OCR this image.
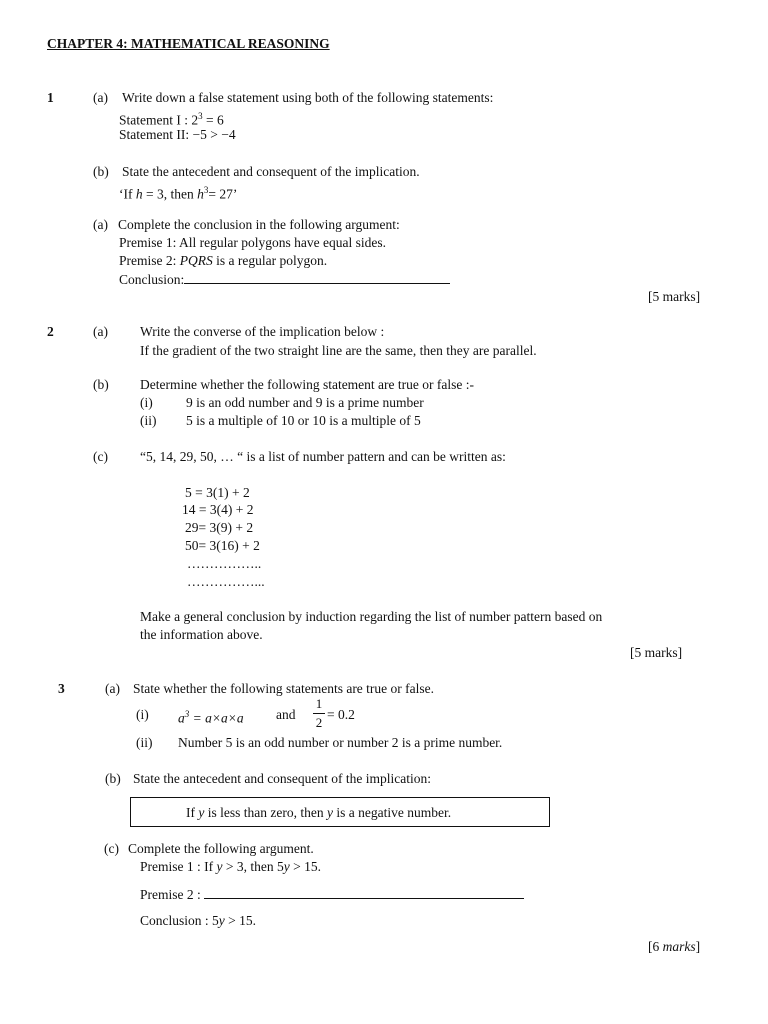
CHAPTER 4: MATHEMATICAL REASONING
1	(a) Write down a false statement using both of the following statements:
Statement I : $2^3 = 6$
Statement II: −5 > −4
(b) State the antecedent and consequent of the implication.
‘If h = 3, then $h^3= 27$’
(a) Complete the conclusion in the following argument:
Premise 1: All regular polygons have equal sides.
Premise 2: PQRS is a regular polygon.
Conclusion:
[5 marks]
2	(a) Write the converse of the implication below :
If the gradient of the two straight line are the same, then they are parallel.
(b) Determine whether the following statement are true or false :-
(i) 9 is an odd number and 9 is a prime number
(ii) 5 is a multiple of 10 or 10 is a multiple of 5
(c) “5, 14, 29, 50, … “ is a list of number pattern and can be written as:
5 = 3(1) + 2
14 = 3(4) + 2
29= 3(9) + 2
50= 3(16) + 2
……………..
……………...
Make a general conclusion by induction regarding the list of number pattern based on
the information above.
[5 marks]
3	(a) State whether the following statements are true or false.
(i) $a^3 = a\times a\times a$ and
1
2
= 0.2
(ii) Number 5 is an odd number or number 2 is a prime number.
(b) State the antecedent and consequent of the implication:
If y is less than zero, then y is a negative number.
(c) Complete the following argument.
Premise 1 : If y > 3, then 5y > 15.
Premise 2 :
Conclusion : 5y > 15.
[6 marks]
